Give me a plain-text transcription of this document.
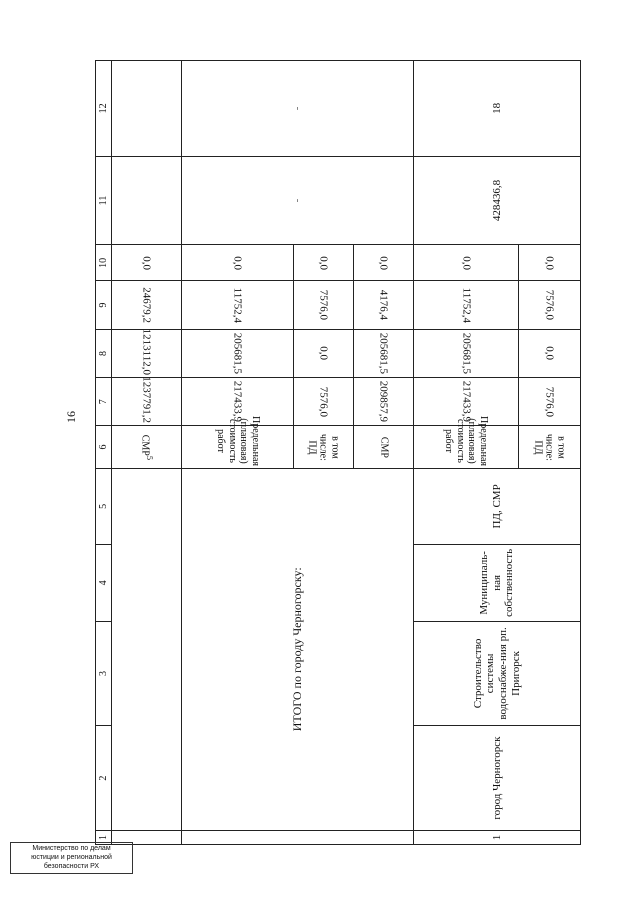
16
1	2	3	4	5	6	7	8	9	10	11	12
					СМР$^5$	1237791,2	1213112,0	24679,2	0,0		
	ИТОГО по городу Черногорску:				Предельная (плановая) стоимость работ	217433,9	205681,5	11752,4	0,0	-	-
					в том числе: ПД	7576,0	0,0	7576,0	0,0		
					СМР	209857,9	205681,5	4176,4	0,0		
1	город Черногорск	Строительство системы водоснабже-ния рп. Пригорск	Муниципаль-ная собственность	ПД, СМР	Предельная (плановая) стоимость работ	217433,9	205681,5	11752,4	0,0	428436,8	18
					в том числе: ПД	7576,0	0,0	7576,0	0,0		
Министерство по делам
юстиции и региональной
безопасности РХ
